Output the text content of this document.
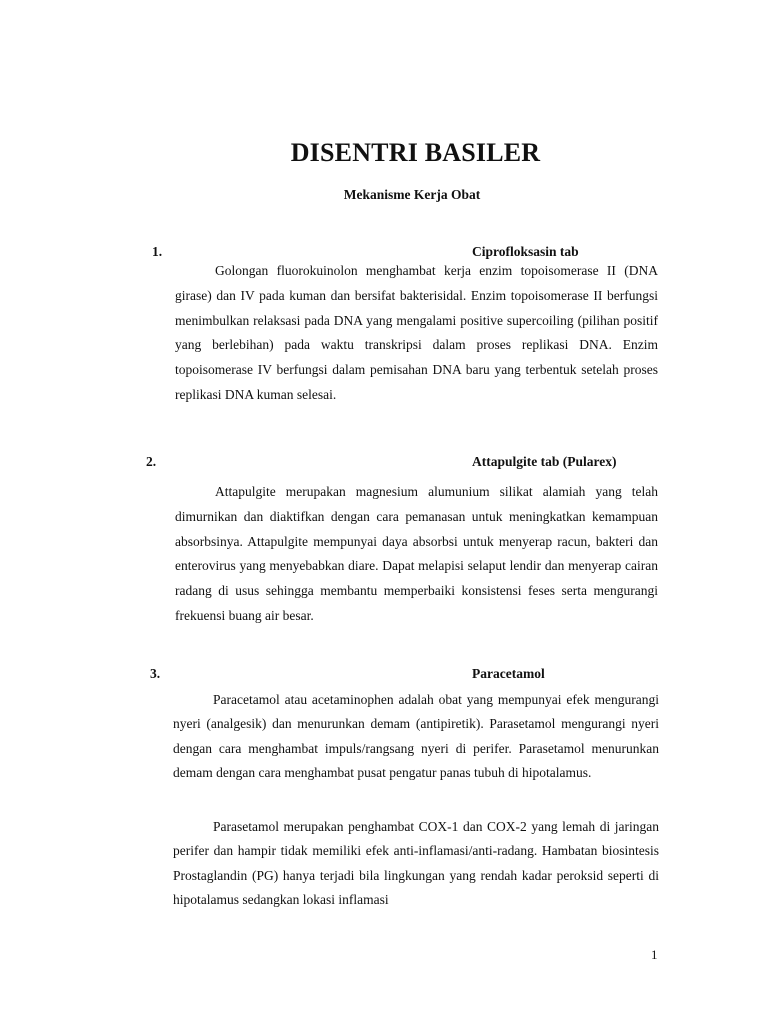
DISENTRI BASILER
Mekanisme Kerja Obat
1.	Ciprofloksasin tab

Golongan fluorokuinolon menghambat kerja enzim topoisomerase II (DNA girase) dan IV pada kuman dan bersifat bakterisidal. Enzim topoisomerase II berfungsi menimbulkan relaksasi pada DNA yang mengalami positive supercoiling (pilihan positif yang berlebihan) pada waktu transkripsi dalam proses replikasi DNA. Enzim topoisomerase IV berfungsi dalam pemisahan DNA baru yang terbentuk setelah proses replikasi DNA kuman selesai.

2.	Attapulgite tab (Pularex)

Attapulgite merupakan magnesium alumunium silikat alamiah yang telah dimurnikan dan diaktifkan dengan cara pemanasan untuk meningkatkan kemampuan absorbsinya. Attapulgite mempunyai daya absorbsi untuk menyerap racun, bakteri dan enterovirus yang menyebabkan diare. Dapat melapisi selaput lendir dan menyerap cairan radang di usus sehingga membantu memperbaiki konsistensi feses serta mengurangi frekuensi buang air besar.

3.	Paracetamol

Paracetamol atau acetaminophen adalah obat yang mempunyai efek mengurangi nyeri (analgesik) dan menurunkan demam (antipiretik). Parasetamol mengurangi nyeri dengan cara menghambat impuls/rangsang nyeri di perifer. Parasetamol menurunkan demam dengan cara menghambat pusat pengatur panas tubuh di hipotalamus.

Parasetamol merupakan penghambat COX-1 dan COX-2 yang lemah di jaringan perifer dan hampir tidak memiliki efek anti-inflamasi/anti-radang. Hambatan biosintesis Prostaglandin (PG) hanya terjadi bila lingkungan yang rendah kadar peroksid seperti di hipotalamus sedangkan lokasi inflamasi

1
